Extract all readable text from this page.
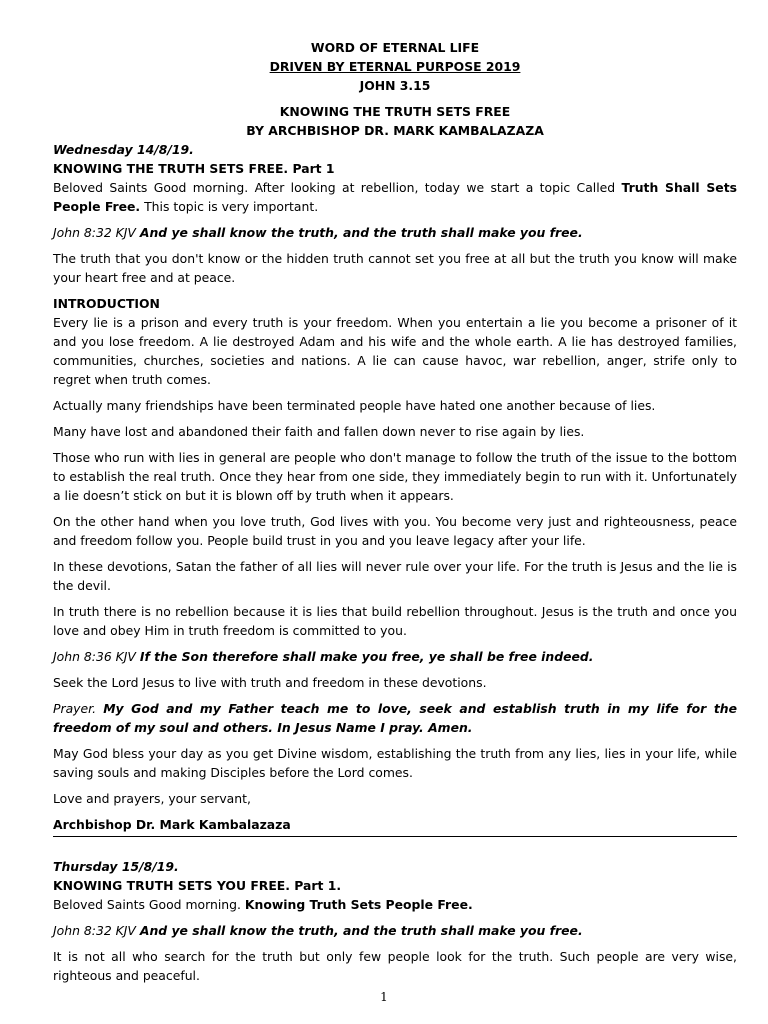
WORD OF ETERNAL LIFE

DRIVEN BY ETERNAL PURPOSE 2019

JOHN 3.15

KNOWING THE TRUTH SETS FREE

BY ARCHBISHOP DR. MARK KAMBALAZAZA

Wednesday 14/8/19.

KNOWING THE TRUTH SETS FREE. Part 1

Beloved Saints Good morning. After looking at rebellion, today we start a topic Called Truth Shall Sets People Free. This topic is very important.

John 8:32 KJV And ye shall know the truth, and the truth shall make you free.

The truth that you don't know or the hidden truth cannot set you free at all but the truth you know will make your heart free and at peace.

INTRODUCTION

Every lie is a prison and every truth is your freedom. When you entertain a lie you become a prisoner of it and you lose freedom. A lie destroyed Adam and his wife and the whole earth. A lie has destroyed families, communities, churches, societies and nations. A lie can cause havoc, war rebellion, anger, strife only to regret when truth comes.

Actually many friendships have been terminated people have hated one another because of lies.

Many have lost and abandoned their faith and fallen down never to rise again by lies.

Those who run with lies in general are people who don't manage to follow the truth of the issue to the bottom to establish the real truth. Once they hear from one side, they immediately begin to run with it. Unfortunately a lie doesn’t stick on but it is blown off by truth when it appears.

On the other hand when you love truth, God lives with you. You become very just and righteousness, peace and freedom follow you. People build trust in you and you leave legacy after your life.

In these devotions, Satan the father of all lies will never rule over your life. For the truth is Jesus and the lie is the devil.

In truth there is no rebellion because it is lies that build rebellion throughout. Jesus is the truth and once you love and obey Him in truth freedom is committed to you.

John 8:36 KJV If the Son therefore shall make you free, ye shall be free indeed.

Seek the Lord Jesus to live with truth and freedom in these devotions.

Prayer. My God and my Father teach me to love, seek and establish truth in my life for the freedom of my soul and others. In Jesus Name I pray. Amen.

May God bless your day as you get Divine wisdom, establishing the truth from any lies, lies in your life, while saving souls and making Disciples before the Lord comes.

Love and prayers, your servant,

Archbishop Dr. Mark Kambalazaza

Thursday 15/8/19.

KNOWING TRUTH SETS YOU FREE. Part 1.

Beloved Saints Good morning. Knowing Truth Sets People Free.

John 8:32 KJV And ye shall know the truth, and the truth shall make you free.

It is not all who search for the truth but only few people look for the truth. Such people are very wise, righteous and peaceful.

1
